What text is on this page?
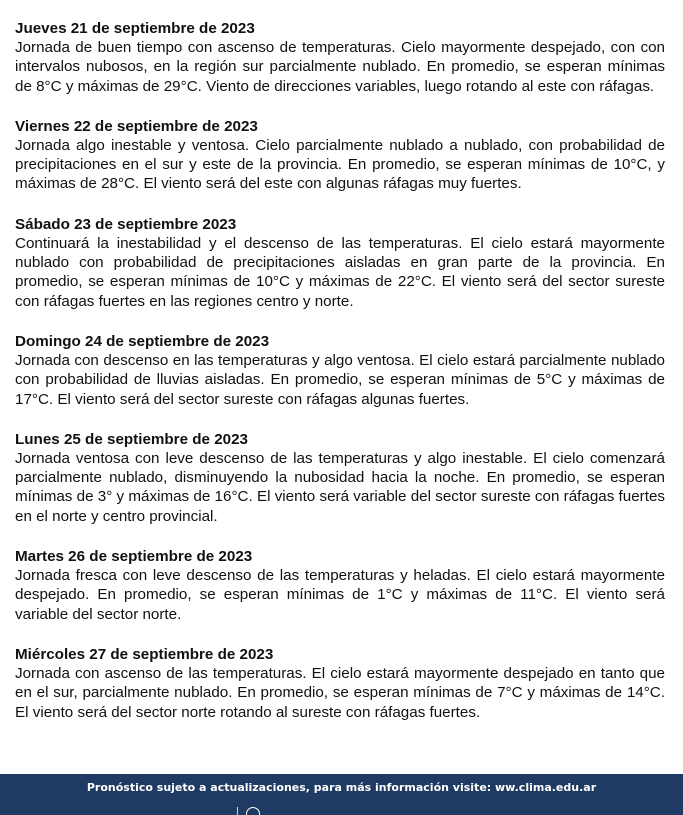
Jueves 21 de septiembre de 2023

Jornada de buen tiempo con ascenso de temperaturas. Cielo mayormente despejado, con con intervalos nubosos, en la región sur parcialmente nublado. En promedio, se esperan mínimas de 8°C y máximas de 29°C. Viento de direcciones variables, luego rotando al este con ráfagas.

Viernes 22 de septiembre de 2023

Jornada algo inestable y ventosa. Cielo parcialmente nublado a nublado, con probabilidad de precipitaciones en el sur y este de la provincia. En promedio, se esperan mínimas de 10°C, y máximas de 28°C. El viento será del este con algunas ráfagas muy fuertes.

Sábado 23 de septiembre 2023

Continuará la inestabilidad y el descenso de las temperaturas. El cielo estará mayormente nublado con probabilidad de precipitaciones aisladas en gran parte de la provincia. En promedio, se esperan mínimas de 10°C y máximas de 22°C. El viento será del sector sureste con ráfagas fuertes en las regiones centro y norte.

Domingo 24 de septiembre de 2023

Jornada con descenso en las temperaturas y algo ventosa. El cielo estará parcialmente nublado con probabilidad de lluvias aisladas. En promedio, se esperan mínimas de 5°C y máximas de 17°C. El viento será del sector sureste con ráfagas algunas fuertes.

Lunes 25 de septiembre de 2023

Jornada ventosa con leve descenso de las temperaturas y algo inestable. El cielo comenzará parcialmente nublado, disminuyendo la nubosidad hacia la noche. En promedio, se esperan mínimas de 3° y máximas de 16°C. El viento será variable del sector sureste con ráfagas fuertes en el norte y centro provincial.

Martes 26 de septiembre de 2023

Jornada fresca con leve descenso de las temperaturas y heladas. El cielo estará mayormente despejado. En promedio, se esperan mínimas de 1°C y máximas de 11°C. El viento será variable del sector norte.

Miércoles 27 de septiembre de 2023

Jornada con ascenso de las temperaturas. El cielo estará mayormente despejado en tanto que en el sur, parcialmente nublado. En promedio, se esperan mínimas de 7°C y máximas de 14°C. El viento será del sector norte rotando al sureste con ráfagas fuertes.

Pronóstico sujeto a actualizaciones, para más información visite: ww.clima.edu.ar
